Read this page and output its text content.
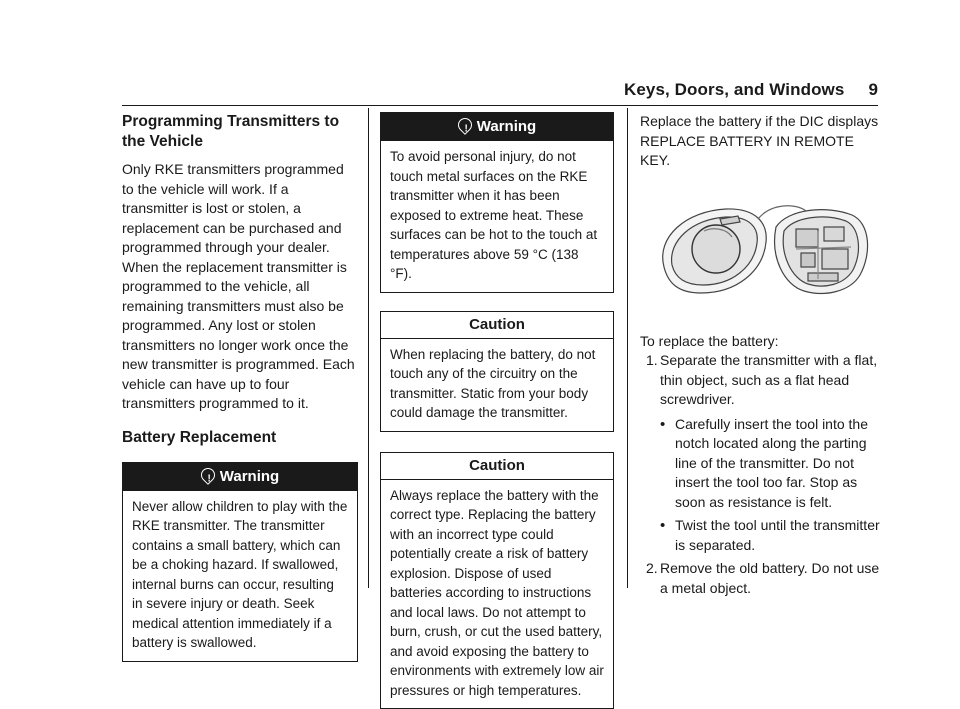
Keys, Doors, and Windows 9
Programming Transmitters to the Vehicle

Only RKE transmitters programmed to the vehicle will work. If a transmitter is lost or stolen, a replacement can be purchased and programmed through your dealer. When the replacement transmitter is programmed to the vehicle, all remaining transmitters must also be programmed. Any lost or stolen transmitters no longer work once the new transmitter is programmed. Each vehicle can have up to four transmitters programmed to it.

Battery Replacement
!Warning
Never allow children to play with the RKE transmitter. The transmitter contains a small battery, which can be a choking hazard. If swallowed, internal burns can occur, resulting in severe injury or death. Seek medical attention immediately if a battery is swallowed.
!Warning
To avoid personal injury, do not touch metal surfaces on the RKE transmitter when it has been exposed to extreme heat. These surfaces can be hot to the touch at temperatures above 59 °C (138 °F).
Caution
When replacing the battery, do not touch any of the circuitry on the transmitter. Static from your body could damage the transmitter.
Caution
Always replace the battery with the correct type. Replacing the battery with an incorrect type could potentially create a risk of battery explosion. Dispose of used batteries according to instructions and local laws. Do not attempt to burn, crush, or cut the used battery, and avoid exposing the battery to environments with extremely low air pressures or high temperatures.

Replace the battery if the DIC displays REPLACE BATTERY IN REMOTE KEY.

To replace the battery:

1. Separate the transmitter with a flat, thin object, such as a flat head screwdriver.
• Carefully insert the tool into the notch located along the parting line of the transmitter. Do not insert the tool too far. Stop as soon as resistance is felt.
• Twist the tool until the transmitter is separated.
2. Remove the old battery. Do not use a metal object.
